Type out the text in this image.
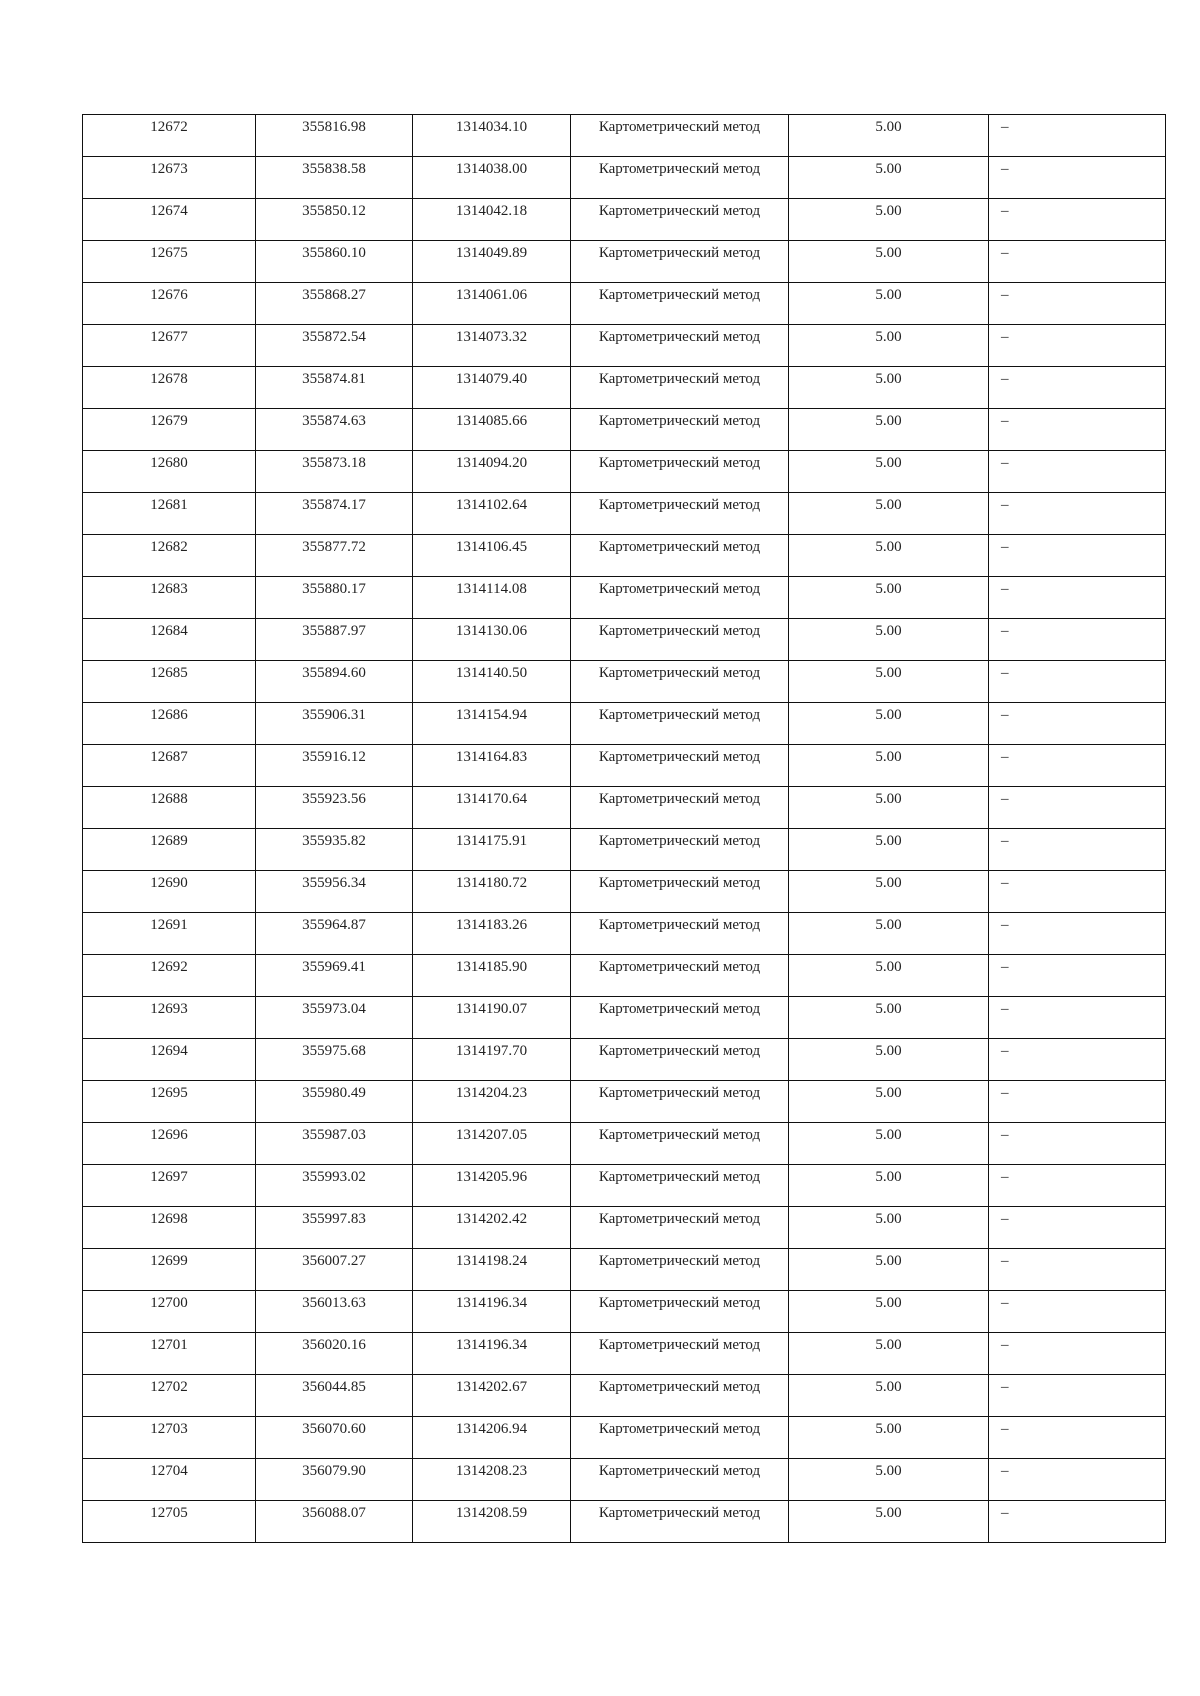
12672	355816.98	1314034.10	Картометрический метод	5.00	–
12673	355838.58	1314038.00	Картометрический метод	5.00	–
12674	355850.12	1314042.18	Картометрический метод	5.00	–
12675	355860.10	1314049.89	Картометрический метод	5.00	–
12676	355868.27	1314061.06	Картометрический метод	5.00	–
12677	355872.54	1314073.32	Картометрический метод	5.00	–
12678	355874.81	1314079.40	Картометрический метод	5.00	–
12679	355874.63	1314085.66	Картометрический метод	5.00	–
12680	355873.18	1314094.20	Картометрический метод	5.00	–
12681	355874.17	1314102.64	Картометрический метод	5.00	–
12682	355877.72	1314106.45	Картометрический метод	5.00	–
12683	355880.17	1314114.08	Картометрический метод	5.00	–
12684	355887.97	1314130.06	Картометрический метод	5.00	–
12685	355894.60	1314140.50	Картометрический метод	5.00	–
12686	355906.31	1314154.94	Картометрический метод	5.00	–
12687	355916.12	1314164.83	Картометрический метод	5.00	–
12688	355923.56	1314170.64	Картометрический метод	5.00	–
12689	355935.82	1314175.91	Картометрический метод	5.00	–
12690	355956.34	1314180.72	Картометрический метод	5.00	–
12691	355964.87	1314183.26	Картометрический метод	5.00	–
12692	355969.41	1314185.90	Картометрический метод	5.00	–
12693	355973.04	1314190.07	Картометрический метод	5.00	–
12694	355975.68	1314197.70	Картометрический метод	5.00	–
12695	355980.49	1314204.23	Картометрический метод	5.00	–
12696	355987.03	1314207.05	Картометрический метод	5.00	–
12697	355993.02	1314205.96	Картометрический метод	5.00	–
12698	355997.83	1314202.42	Картометрический метод	5.00	–
12699	356007.27	1314198.24	Картометрический метод	5.00	–
12700	356013.63	1314196.34	Картометрический метод	5.00	–
12701	356020.16	1314196.34	Картометрический метод	5.00	–
12702	356044.85	1314202.67	Картометрический метод	5.00	–
12703	356070.60	1314206.94	Картометрический метод	5.00	–
12704	356079.90	1314208.23	Картометрический метод	5.00	–
12705	356088.07	1314208.59	Картометрический метод	5.00	–
